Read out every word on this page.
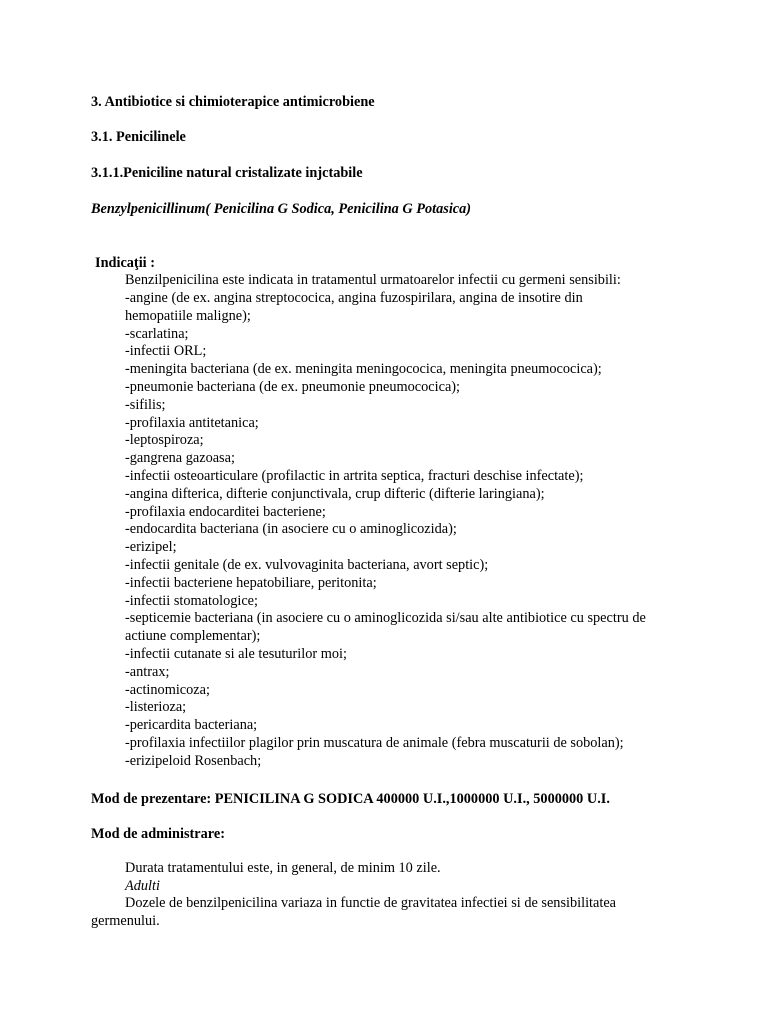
3. Antibiotice si chimioterapice antimicrobiene
3.1. Penicilinele
3.1.1.Peniciline natural cristalizate injctabile
Benzylpenicillinum( Penicilina G Sodica, Penicilina G Potasica)
Indicaţii :
Benzilpenicilina este indicata in tratamentul urmatoarelor infectii cu germeni sensibili:
-angine (de ex. angina streptococica, angina fuzospirilara, angina de insotire din
hemopatiile maligne);
-scarlatina;
-infectii ORL;
-meningita bacteriana (de ex. meningita meningococica, meningita pneumococica);
-pneumonie bacteriana (de ex. pneumonie pneumococica);
-sifilis;
-profilaxia antitetanica;
-leptospiroza;
-gangrena gazoasa;
-infectii osteoarticulare (profilactic in artrita septica, fracturi deschise infectate);
-angina difterica, difterie conjunctivala, crup difteric (difterie laringiana);
-profilaxia endocarditei bacteriene;
-endocardita bacteriana (in asociere cu o aminoglicozida);
-erizipel;
-infectii genitale (de ex. vulvovaginita bacteriana, avort septic);
-infectii bacteriene hepatobiliare, peritonita;
-infectii stomatologice;
-septicemie bacteriana (in asociere cu o aminoglicozida si/sau alte antibiotice cu spectru de
actiune complementar);
-infectii cutanate si ale tesuturilor moi;
-antrax;
-actinomicoza;
-listerioza;
-pericardita bacteriana;
-profilaxia infectiilor plagilor prin muscatura de animale (febra muscaturii de sobolan);
-erizipeloid Rosenbach;
Mod de prezentare: PENICILINA G SODICA 400000 U.I.,1000000 U.I., 5000000 U.I.
Mod de administrare:
Durata tratamentului este, in general, de minim 10 zile.
Adulti
Dozele de benzilpenicilina variaza in functie de gravitatea infectiei si de sensibilitatea
germenului.
